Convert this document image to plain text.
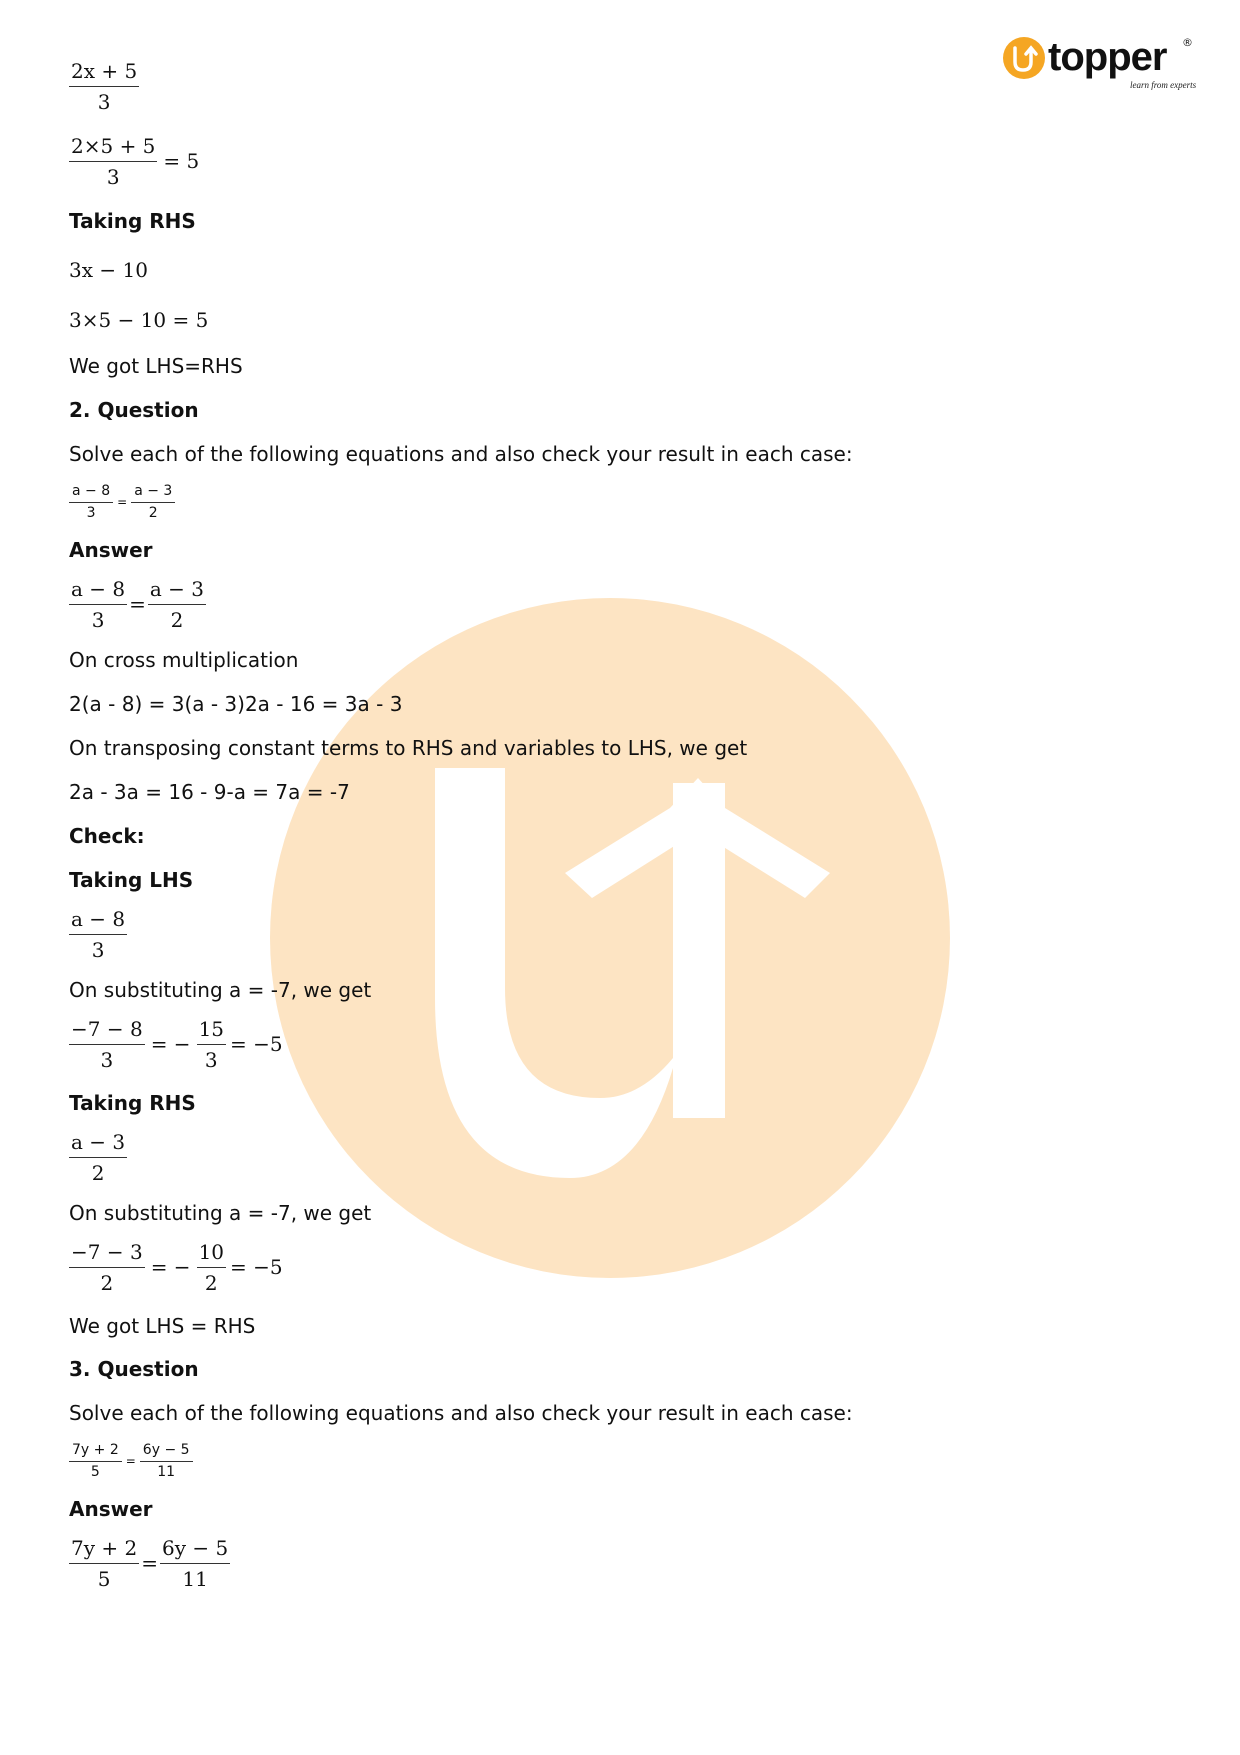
topper
learn from experts
®
$\frac{2x + 5}{3}$
$\frac{2\times 5 + 5}{3} = 5$
Taking RHS
3x − 10
3×5 − 10 = 5
We got LHS=RHS
2. Question
Solve each of the following equations and also check your result in each case:
$\frac{a - 8}{3} = \frac{a - 3}{2}$
Answer
$\frac{a - 8}{3} = \frac{a - 3}{2}$
On cross multiplication
2(a - 8) = 3(a - 3)2a - 16 = 3a - 3
On transposing constant terms to RHS and variables to LHS, we get
2a - 3a = 16 - 9-a = 7a = -7
Check:
Taking LHS
$\frac{a - 8}{3}$
On substituting a = -7, we get
$\frac{-7 - 8}{3}$ = − $\frac{15}{3} = -5$
Taking RHS
$\frac{a - 3}{2}$
On substituting a = -7, we get
$\frac{-7 - 3}{2}$ = − $\frac{10}{2} = -5$
We got LHS = RHS
3. Question
Solve each of the following equations and also check your result in each case:
$\frac{7y + 2}{5} = \frac{6y - 5}{11}$
Answer
$\frac{7y + 2}{5} = \frac{6y - 5}{11}$
